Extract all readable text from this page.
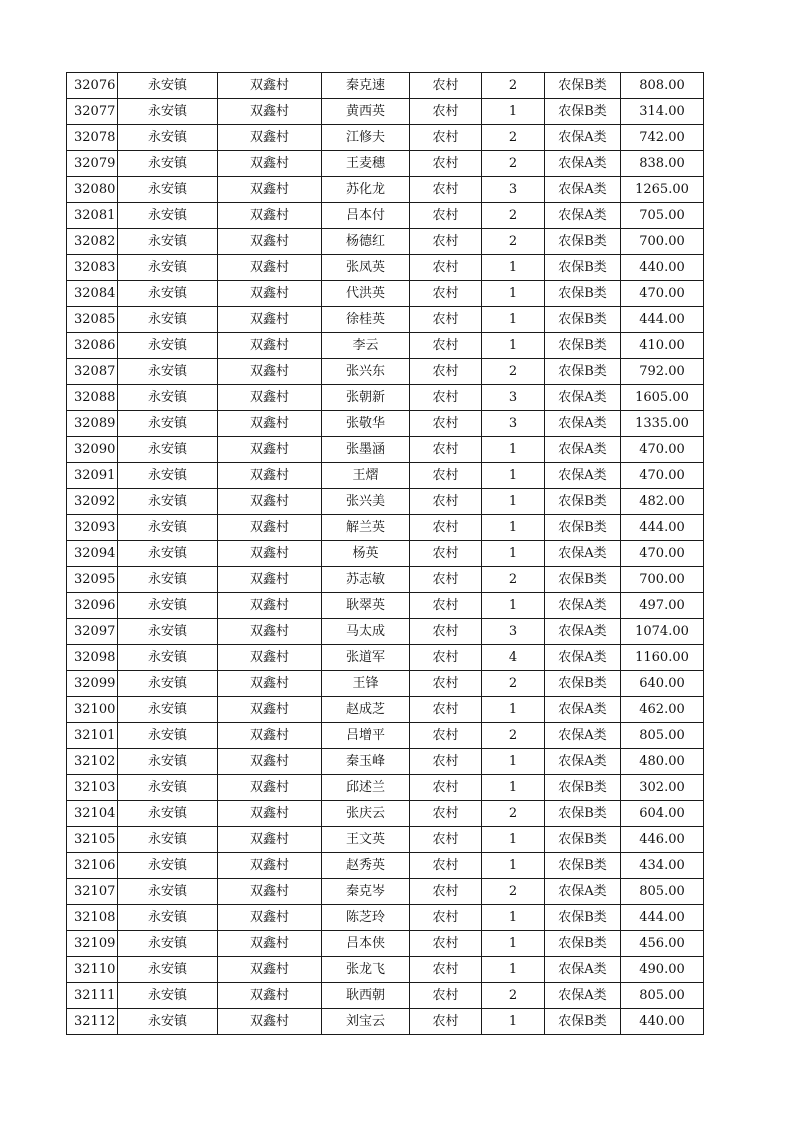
32076	永安镇	双鑫村	秦克速	农村	2	农保B类	808.00
32077	永安镇	双鑫村	黄西英	农村	1	农保B类	314.00
32078	永安镇	双鑫村	江修夫	农村	2	农保A类	742.00
32079	永安镇	双鑫村	王麦穗	农村	2	农保A类	838.00
32080	永安镇	双鑫村	苏化龙	农村	3	农保A类	1265.00
32081	永安镇	双鑫村	吕本付	农村	2	农保A类	705.00
32082	永安镇	双鑫村	杨德红	农村	2	农保B类	700.00
32083	永安镇	双鑫村	张凤英	农村	1	农保B类	440.00
32084	永安镇	双鑫村	代洪英	农村	1	农保B类	470.00
32085	永安镇	双鑫村	徐桂英	农村	1	农保B类	444.00
32086	永安镇	双鑫村	李云	农村	1	农保B类	410.00
32087	永安镇	双鑫村	张兴东	农村	2	农保B类	792.00
32088	永安镇	双鑫村	张朝新	农村	3	农保A类	1605.00
32089	永安镇	双鑫村	张敬华	农村	3	农保A类	1335.00
32090	永安镇	双鑫村	张墨涵	农村	1	农保A类	470.00
32091	永安镇	双鑫村	王熠	农村	1	农保A类	470.00
32092	永安镇	双鑫村	张兴美	农村	1	农保B类	482.00
32093	永安镇	双鑫村	解兰英	农村	1	农保B类	444.00
32094	永安镇	双鑫村	杨英	农村	1	农保A类	470.00
32095	永安镇	双鑫村	苏志敏	农村	2	农保B类	700.00
32096	永安镇	双鑫村	耿翠英	农村	1	农保A类	497.00
32097	永安镇	双鑫村	马太成	农村	3	农保A类	1074.00
32098	永安镇	双鑫村	张道军	农村	4	农保A类	1160.00
32099	永安镇	双鑫村	王锋	农村	2	农保B类	640.00
32100	永安镇	双鑫村	赵成芝	农村	1	农保A类	462.00
32101	永安镇	双鑫村	吕增平	农村	2	农保A类	805.00
32102	永安镇	双鑫村	秦玉峰	农村	1	农保A类	480.00
32103	永安镇	双鑫村	邱述兰	农村	1	农保B类	302.00
32104	永安镇	双鑫村	张庆云	农村	2	农保B类	604.00
32105	永安镇	双鑫村	王文英	农村	1	农保B类	446.00
32106	永安镇	双鑫村	赵秀英	农村	1	农保B类	434.00
32107	永安镇	双鑫村	秦克岑	农村	2	农保A类	805.00
32108	永安镇	双鑫村	陈芝玲	农村	1	农保B类	444.00
32109	永安镇	双鑫村	吕本侠	农村	1	农保B类	456.00
32110	永安镇	双鑫村	张龙飞	农村	1	农保A类	490.00
32111	永安镇	双鑫村	耿西朝	农村	2	农保A类	805.00
32112	永安镇	双鑫村	刘宝云	农村	1	农保B类	440.00
